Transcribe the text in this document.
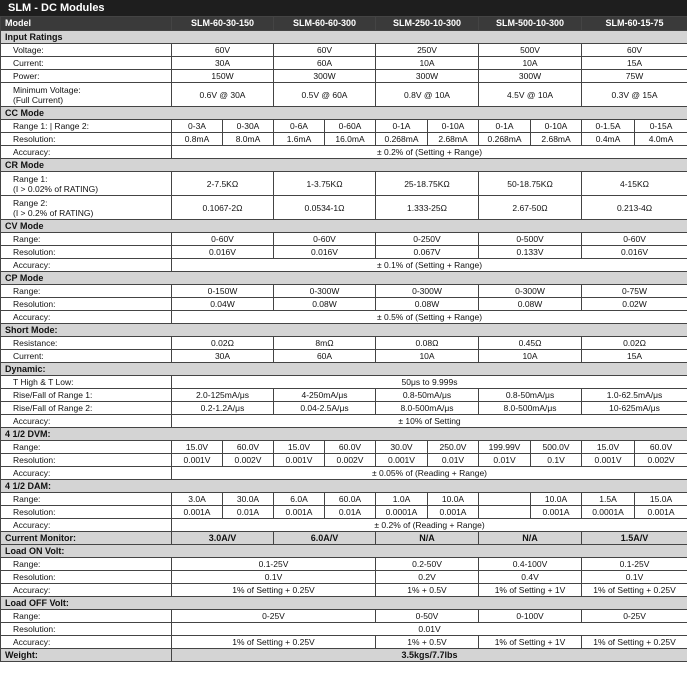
SLM - DC Modules
Model	SLM-60-30-150		SLM-60-60-300		SLM-250-10-300		SLM-500-10-300		SLM-60-15-75	
Input Ratings										
Voltage:	60V		60V		250V		500V		60V	
Current:	30A		60A		10A		10A		15A	
Power:	150W		300W		300W		300W		75W	

Minimum Voltage:
(Full Current)	0.6V @ 30A		0.5V @ 60A		0.8V @ 10A		4.5V @ 10A		0.3V @ 15A	
CC Mode										
Range 1: | Range 2:	0-3A	0-30A	0-6A	0-60A	0-1A	0-10A	0-1A	0-10A	0-1.5A	0-15A
Resolution:	0.8mA	8.0mA	1.6mA	16.0mA	0.268mA	2.68mA	0.268mA	2.68mA	0.4mA	4.0mA
Accuracy:	± 0.2% of (Setting + Range)									
CR Mode										

Range 1:
(I > 0.02% of RATING)	2-7.5KΩ		1-3.75KΩ		25-18.75KΩ		50-18.75KΩ		4-15KΩ	

Range 2:
(I > 0.2% of RATING)	0.1067-2Ω		0.0534-1Ω		1.333-25Ω		2.67-50Ω		0.213-4Ω	
CV Mode										
Range:	0-60V		0-60V		0-250V		0-500V		0-60V	
Resolution:	0.016V		0.016V		0.067V		0.133V		0.016V	
Accuracy:	± 0.1% of (Setting + Range)									
CP Mode										
Range:	0-150W		0-300W		0-300W		0-300W		0-75W	
Resolution:	0.04W		0.08W		0.08W		0.08W		0.02W	
Accuracy:	± 0.5% of (Setting + Range)									
Short Mode:										
Resistance:	0.02Ω		8mΩ		0.08Ω		0.45Ω		0.02Ω	
Current:	30A		60A		10A		10A		15A	
Dynamic:										
T High & T Low:	50μs to 9.999s									
Rise/Fall of Range 1:	2.0-125mA/μs		4-250mA/μs		0.8-50mA/μs		0.8-50mA/μs		1.0-62.5mA/μs	
Rise/Fall of Range 2:	0.2-1.2A/μs		0.04-2.5A/μs		8.0-500mA/μs		8.0-500mA/μs		10-625mA/μs	
Accuracy:	± 10% of Setting									
4 1/2 DVM:										
Range:	15.0V	60.0V	15.0V	60.0V	30.0V	250.0V	199.99V	500.0V	15.0V	60.0V
Resolution:	0.001V	0.002V	0.001V	0.002V	0.001V	0.01V	0.01V	0.1V	0.001V	0.002V
Accuracy:	± 0.05% of (Reading + Range)									
4 1/2 DAM:										
Range:	3.0A	30.0A	6.0A	60.0A	1.0A	10.0A		10.0A	1.5A	15.0A
Resolution:	0.001A	0.01A	0.001A	0.01A	0.0001A	0.001A		0.001A	0.0001A	0.001A
Accuracy:	± 0.2% of (Reading + Range)									
Current Monitor:	3.0A/V		6.0A/V		N/A		N/A		1.5A/V	
Load ON Volt:										
Range:	0.1-25V				0.2-50V		0.4-100V		0.1-25V	
Resolution:	0.1V				0.2V		0.4V		0.1V	
Accuracy:	1% of Setting + 0.25V				1% + 0.5V		1% of Setting + 1V		1% of Setting + 0.25V	
Load OFF Volt:										
Range:	0-25V				0-50V		0-100V		0-25V	
Resolution:	0.01V									
Accuracy:	1% of Setting + 0.25V				1% + 0.5V		1% of Setting + 1V		1% of Setting + 0.25V	
Weight:	3.5kgs/7.7lbs									
